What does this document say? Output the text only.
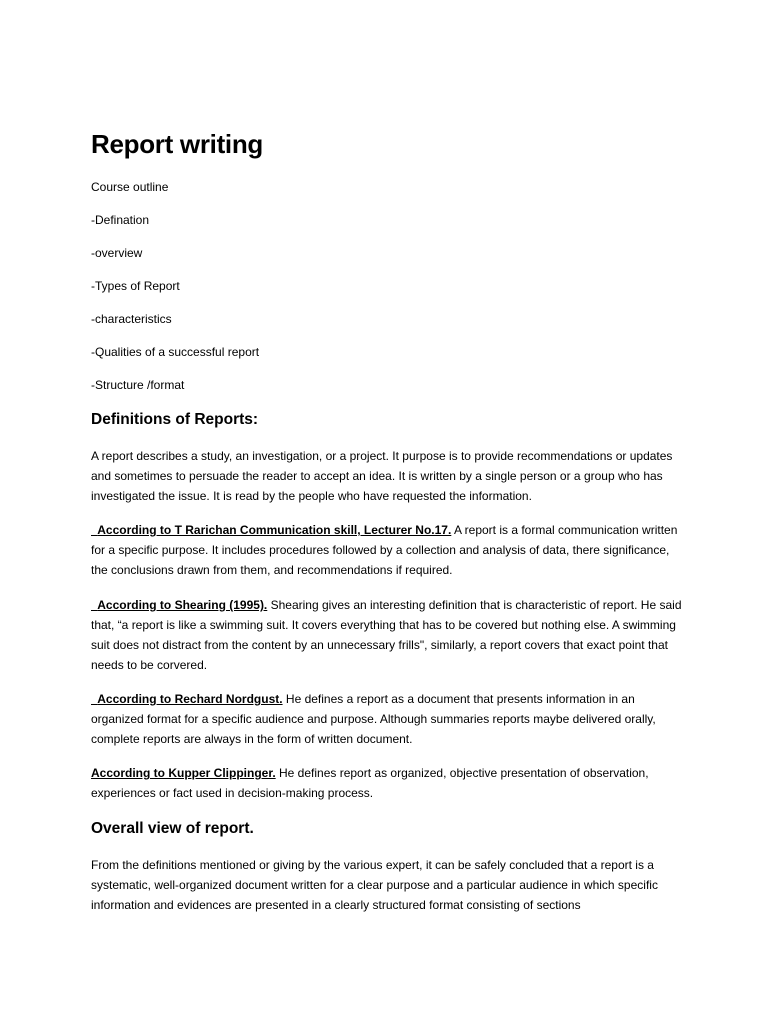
Report writing

Course outline

-Defination

-overview

-Types of Report

-characteristics

-Qualities of a successful report

-Structure /format

Definitions of Reports:

A report describes a study, an investigation, or a project. It purpose is to provide recommendations or updates and sometimes to persuade the reader to accept an idea. It is written by a single person or a group who has investigated the issue. It is read by the people who have requested the information.

According to T Rarichan Communication skill, Lecturer No.17. A report is a formal communication written for a specific purpose. It includes procedures followed by a collection and analysis of data, there significance, the conclusions drawn from them, and recommendations if required.

According to Shearing (1995). Shearing gives an interesting definition that is characteristic of report. He said that, “a report is like a swimming suit. It covers everything that has to be covered but nothing else. A swimming suit does not distract from the content by an unnecessary frills", similarly, a report covers that exact point that needs to be corvered.

According to Rechard Nordgust. He defines a report as a document that presents information in an organized format for a specific audience and purpose. Although summaries reports maybe delivered orally, complete reports are always in the form of written document.

According to Kupper Clippinger. He defines report as organized, objective presentation of observation, experiences or fact used in decision-making process.

Overall view of report.

From the definitions mentioned or giving by the various expert, it can be safely concluded that a report is a systematic, well-organized document written for a clear purpose and a particular audience in which specific information and evidences are presented in a clearly structured format consisting of sections
